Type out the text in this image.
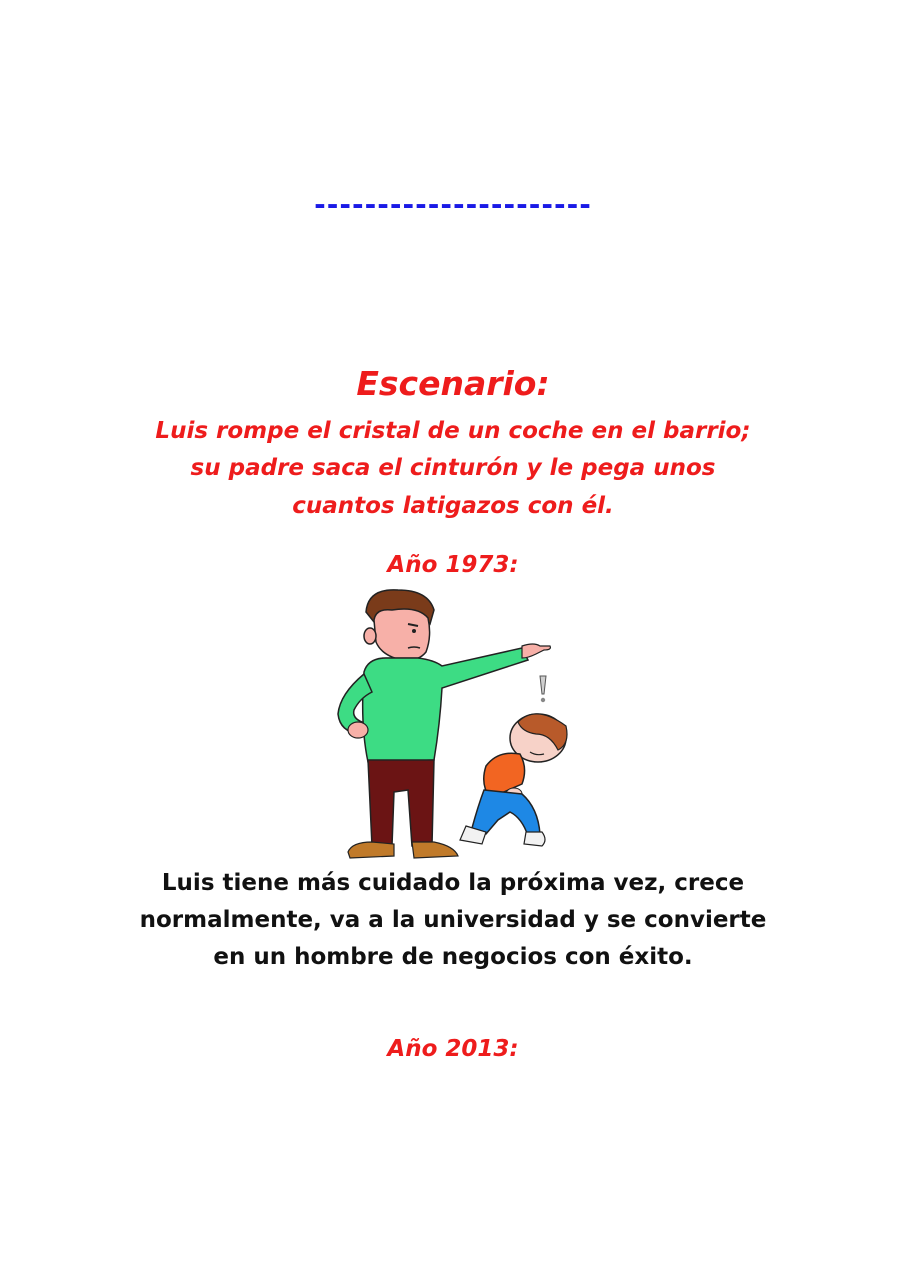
----------------------
Escenario:
Luis rompe el cristal de un coche en el barrio;
su padre saca el cinturón y le pega unos
cuantos latigazos con él.
Año 1973:
Luis tiene más cuidado la próxima vez, crece
normalmente, va a la universidad y se convierte
en un hombre de negocios con éxito.
Año 2013:
